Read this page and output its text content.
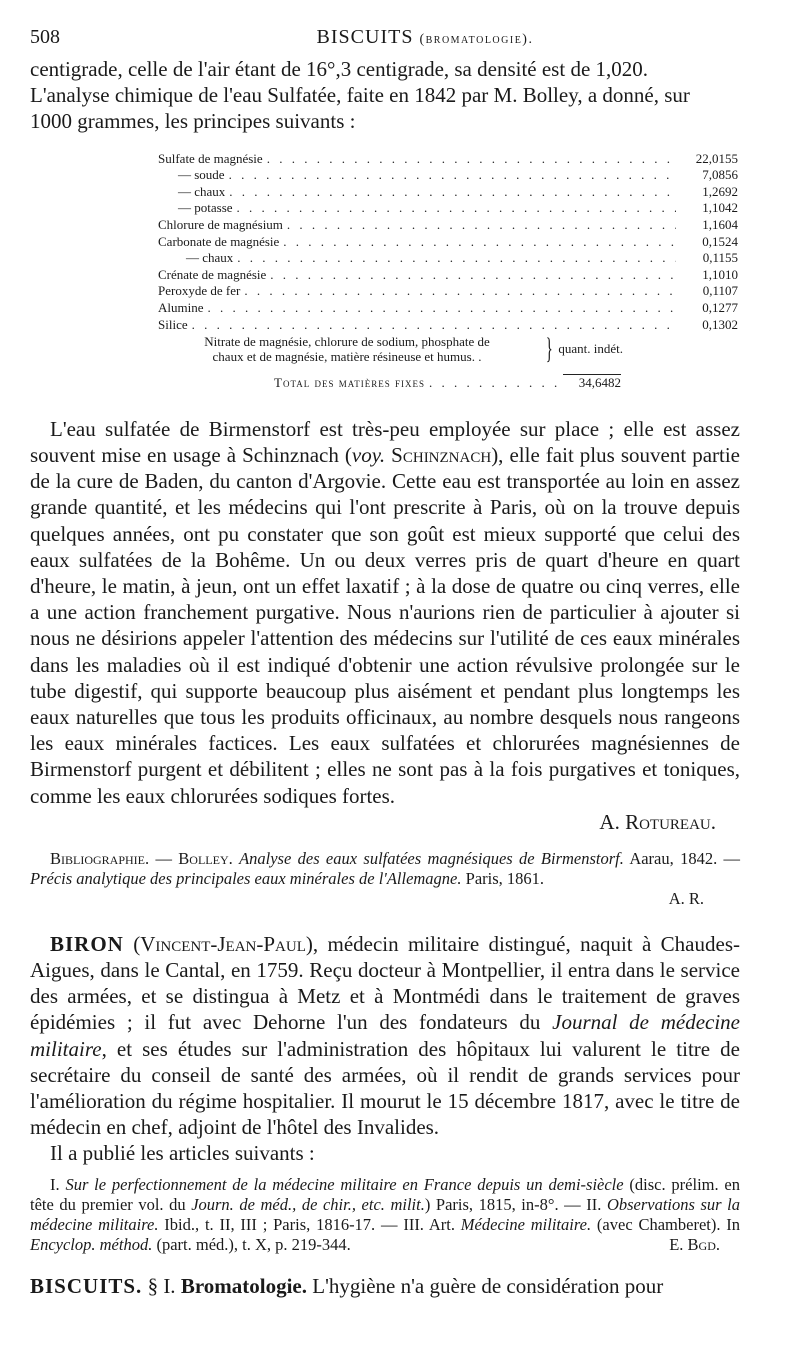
508	BISCUITS (bromatologie).

centigrade, celle de l'air étant de 16°,3 centigrade, sa densité est de 1,020.

L'analyse chimique de l'eau Sulfatée, faite en 1842 par M. Bolley, a donné, sur

1000 grammes, les principes suivants :

Sulfate de magnésie . . .	22,0155
— soude . . .	7,0856
— chaux . . .	1,2692
— potasse . . .	1,1042
Chlorure de magnésium . . .	1,1604
Carbonate de magnésie . . .	0,1524
— chaux . . .	0,1155
Crénate de magnésie . . .	1,1010
Peroxyde de fer . . .	0,1107
Alumine . . .	0,1277
Silice . . .	0,1302
Nitrate de magnésie, chlorure de sodium, phosphate de
chaux et de magnésie, matière résineuse et humus. .	} quant. indét.
Total des matières fixes . . .	34,6482
L'eau sulfatée de Birmenstorf est très-peu employée sur place ; elle est assez souvent mise en usage à Schinznach (voy. Schinznach), elle fait plus souvent partie de la cure de Baden, du canton d'Argovie. Cette eau est transportée au loin en assez grande quantité, et les médecins qui l'ont prescrite à Paris, où on la trouve depuis quelques années, ont pu constater que son goût est mieux supporté que celui des eaux sulfatées de la Bohême. Un ou deux verres pris de quart d'heure en quart d'heure, le matin, à jeun, ont un effet laxatif ; à la dose de quatre ou cinq verres, elle a une action franchement purgative. Nous n'aurions rien de particulier à ajouter si nous ne désirions appeler l'attention des médecins sur l'utilité de ces eaux minérales dans les maladies où il est indiqué d'obtenir une action révulsive prolongée sur le tube digestif, qui supporte beaucoup plus aisément et pendant plus longtemps les eaux naturelles que tous les produits officinaux, au nombre desquels nous rangeons les eaux minérales factices. Les eaux sulfatées et chlorurées magnésiennes de Birmenstorf purgent et débilitent ; elles ne sont pas à la fois purgatives et toniques, comme les eaux chlorurées sodiques fortes.
A. Rotureau.
Bibliographie. — Bolley. Analyse des eaux sulfatées magnésiques de Birmenstorf. Aarau, 1842. — Précis analytique des principales eaux minérales de l'Allemagne. Paris, 1861.
A. R.
BIRON (Vincent-Jean-Paul), médecin militaire distingué, naquit à Chaudes-Aigues, dans le Cantal, en 1759. Reçu docteur à Montpellier, il entra dans le service des armées, et se distingua à Metz et à Montmédi dans le traitement de graves épidémies ; il fut avec Dehorne l'un des fondateurs du Journal de médecine militaire, et ses études sur l'administration des hôpitaux lui valurent le titre de secrétaire du conseil de santé des armées, où il rendit de grands services pour l'amélioration du régime hospitalier. Il mourut le 15 décembre 1817, avec le titre de médecin en chef, adjoint de l'hôtel des Invalides.
Il a publié les articles suivants :
I. Sur le perfectionnement de la médecine militaire en France depuis un demi-siècle (disc. prélim. en tête du premier vol. du Journ. de méd., de chir., etc. milit.) Paris, 1815, in-8°. — II. Observations sur la médecine militaire. Ibid., t. II, III ; Paris, 1816-17. — III. Art. Médecine militaire. (avec Chamberet). In Encyclop. méthod. (part. méd.), t. X, p. 219-344.	E. Bgd.
BISCUITS. § I. Bromatologie. L'hygiène n'a guère de considération pour
